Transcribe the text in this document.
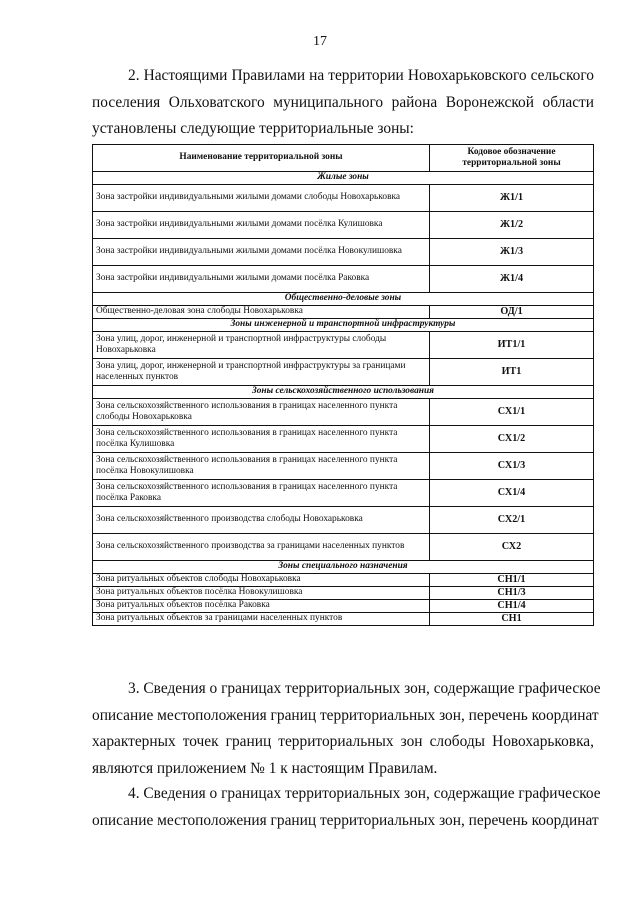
17

2. Настоящими Правилами на территории Новохарьковского сельского
поселения Ольховатского муниципального района Воронежской области
установлены следующие территориальные зоны:

Наименование территориальной зоны	Кодовое обозначение территориальной зоны
Жилые зоны	
Зона застройки индивидуальными жилыми домами слободы Новохарьковка	Ж1/1
Зона застройки индивидуальными жилыми домами посёлка Кулишовка	Ж1/2
Зона застройки индивидуальными жилыми домами посёлка Новокулишовка	Ж1/3
Зона застройки индивидуальными жилыми домами посёлка Раковка	Ж1/4
Общественно-деловые зоны	
Общественно-деловая зона слободы Новохарьковка	ОД/1
Зоны инженерной и транспортной инфраструктуры	
Зона улиц, дорог, инженерной и транспортной инфраструктуры слободы Новохарьковка	ИТ1/1
Зона улиц, дорог, инженерной и транспортной инфраструктуры за границами населенных пунктов	ИТ1
Зоны сельскохозяйственного использования	
Зона сельскохозяйственного использования в границах населенного пункта слободы Новохарьковка	СХ1/1
Зона сельскохозяйственного использования в границах населенного пункта посёлка Кулишовка	СХ1/2
Зона сельскохозяйственного использования в границах населенного пункта посёлка Новокулишовка	СХ1/3
Зона сельскохозяйственного использования в границах населенного пункта посёлка Раковка	СХ1/4
Зона сельскохозяйственного производства слободы Новохарьковка	СХ2/1
Зона сельскохозяйственного производства за границами населенных пунктов	СХ2
Зоны специального назначения	
Зона ритуальных объектов слободы Новохарьковка	СН1/1
Зона ритуальных объектов посёлка Новокулишовка	СН1/3
Зона ритуальных объектов посёлка Раковка	СН1/4
Зона ритуальных объектов за границами населенных пунктов	СН1

3. Сведения о границах территориальных зон, содержащие графическое
описание местоположения границ территориальных зон, перечень координат
характерных точек границ территориальных зон слободы Новохарьковка,
являются приложением № 1 к настоящим Правилам.

4. Сведения о границах территориальных зон, содержащие графическое
описание местоположения границ территориальных зон, перечень координат
